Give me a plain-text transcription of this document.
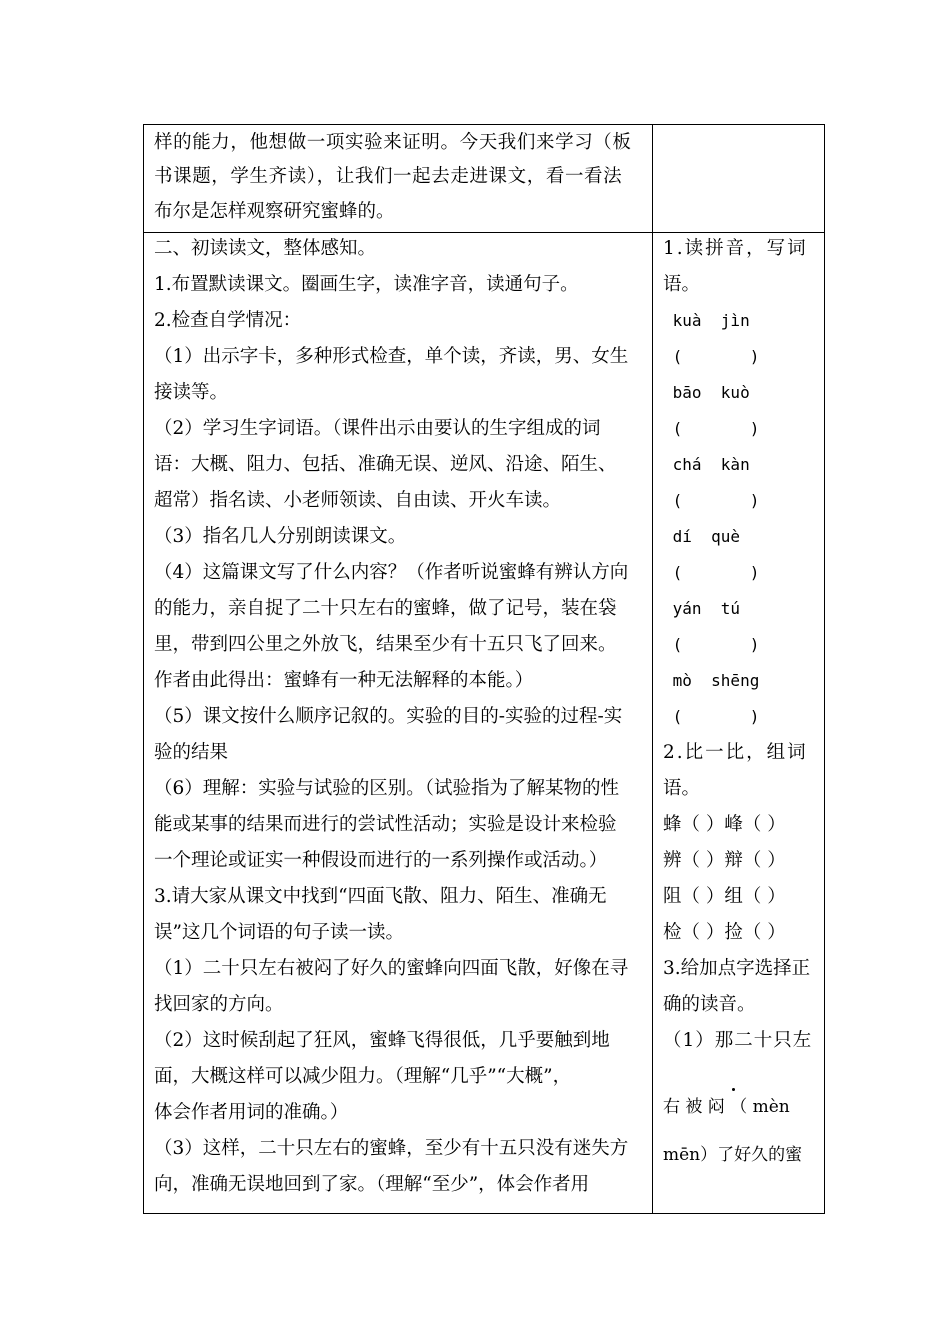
样的能力，他想做一项实验来证明。今天我们来学习（板
书课题，学生齐读），让我们一起去走进课文，看一看法
布尔是怎样观察研究蜜蜂的。
二、初读读文，整体感知。
1.布置默读课文。圈画生字，读准字音，读通句子。
2.检查自学情况：
（1）出示字卡，多种形式检查，单个读，齐读，男、女生
接读等。
（2）学习生字词语。（课件出示由要认的生字组成的词
语：大概、阻力、包括、准确无误、逆风、沿途、陌生、
超常）指名读、小老师领读、自由读、开火车读。
（3）指名几人分别朗读课文。
（4）这篇课文写了什么内容？（作者听说蜜蜂有辨认方向
的能力，亲自捉了二十只左右的蜜蜂，做了记号，装在袋
里，带到四公里之外放飞，结果至少有十五只飞了回来。
作者由此得出：蜜蜂有一种无法解释的本能。）
（5）课文按什么顺序记叙的。实验的目的-实验的过程-实
验的结果
（6）理解：实验与试验的区别。（试验指为了解某物的性
能或某事的结果而进行的尝试性活动；实验是设计来检验
一个理论或证实一种假设而进行的一系列操作或活动。）
3.请大家从课文中找到“四面飞散、阻力、陌生、准确无
误”这几个词语的句子读一读。
（1）二十只左右被闷了好久的蜜蜂向四面飞散，好像在寻
找回家的方向。
（2）这时候刮起了狂风，蜜蜂飞得很低，几乎要触到地
面，大概这样可以减少阻力。（理解“几乎”“大概”，
体会作者用词的准确。）
（3）这样，二十只左右的蜜蜂，至少有十五只没有迷失方
向，准确无误地回到了家。（理解“至少”，体会作者用
1.读拼音，写词
语。
kuà  jìn
(       )
bāo  kuò
(       )
chá  kàn
(       )
dí  què
(       )
yán  tú
(       )
mò  shēng
(       )
2.比一比，组词
语。
蜂（ ）峰（ ）
辨（ ）辩（ ）
阻（ ）组（ ）
检（ ）捡（ ）
3.给加点字选择正
确的读音。
（1）那二十只左
右 被 闷 （ mèn
mēn）了好久的蜜
